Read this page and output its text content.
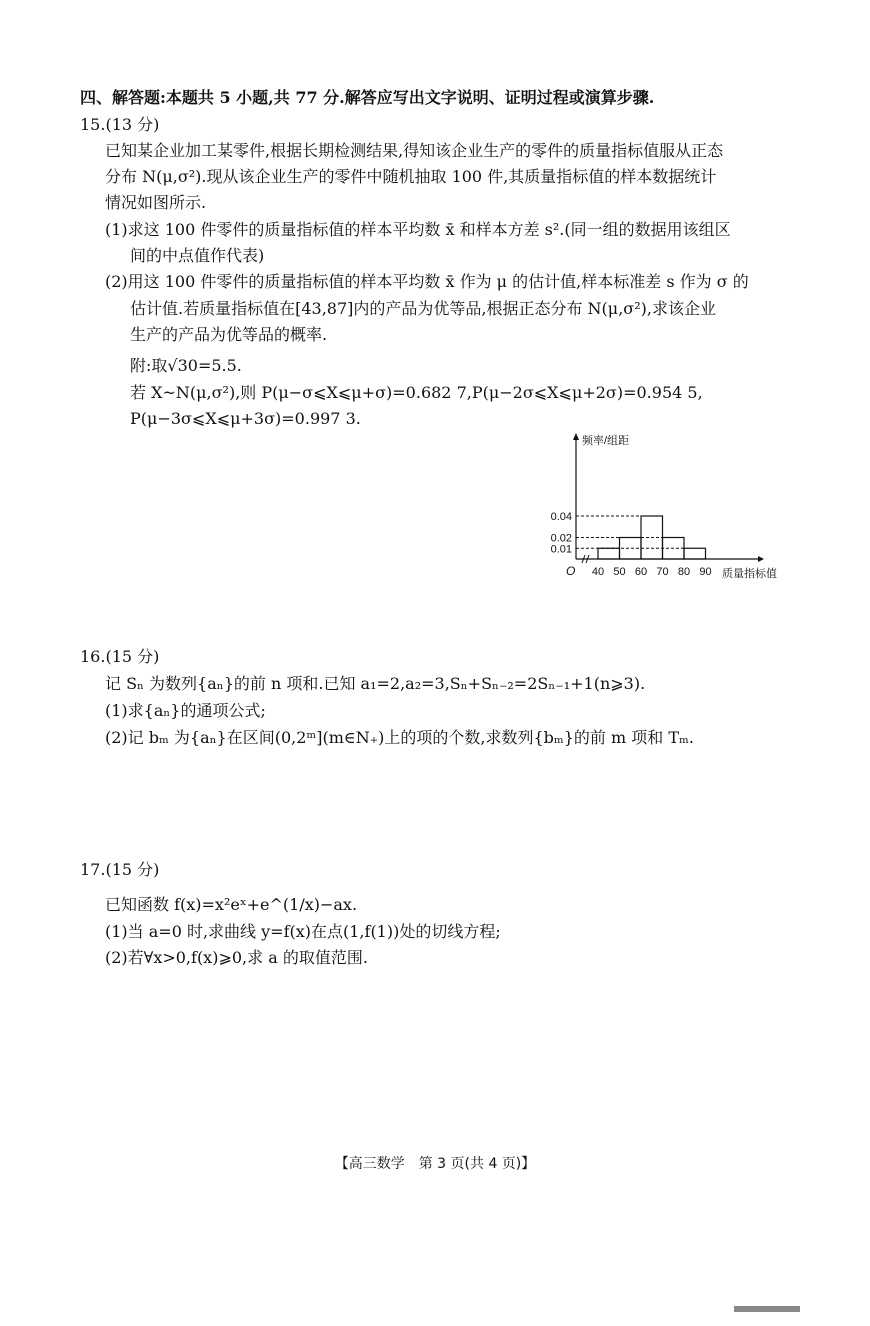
四、解答题:本题共 5 小题,共 77 分.解答应写出文字说明、证明过程或演算步骤.
15.(13 分)
已知某企业加工某零件,根据长期检测结果,得知该企业生产的零件的质量指标值服从正态
分布 N(μ,σ²).现从该企业生产的零件中随机抽取 100 件,其质量指标值的样本数据统计
情况如图所示.
(1)求这 100 件零件的质量指标值的样本平均数 x̄ 和样本方差 s².(同一组的数据用该组区
间的中点值作代表)
(2)用这 100 件零件的质量指标值的样本平均数 x̄ 作为 μ 的估计值,样本标准差 s 作为 σ 的
估计值.若质量指标值在[43,87]内的产品为优等品,根据正态分布 N(μ,σ²),求该企业
生产的产品为优等品的概率.
附:取√30=5.5.
若 X~N(μ,σ²),则 P(μ−σ⩽X⩽μ+σ)=0.682 7,P(μ−2σ⩽X⩽μ+2σ)=0.954 5,
P(μ−3σ⩽X⩽μ+3σ)=0.997 3.
0.01
0.02
0.04
40 50 60 70 80 90
O
频率/组距
质量指标值
16.(15 分)
记 Sₙ 为数列{aₙ}的前 n 项和.已知 a₁=2,a₂=3,Sₙ+Sₙ₋₂=2Sₙ₋₁+1(n⩾3).
(1)求{aₙ}的通项公式;
(2)记 bₘ 为{aₙ}在区间(0,2ᵐ](m∈N₊)上的项的个数,求数列{bₘ}的前 m 项和 Tₘ.
17.(15 分)
已知函数 f(x)=x²eˣ+e^(1/x)−ax.
(1)当 a=0 时,求曲线 y=f(x)在点(1,f(1))处的切线方程;
(2)若∀x>0,f(x)⩾0,求 a 的取值范围.
【高三数学　第 3 页(共 4 页)】
